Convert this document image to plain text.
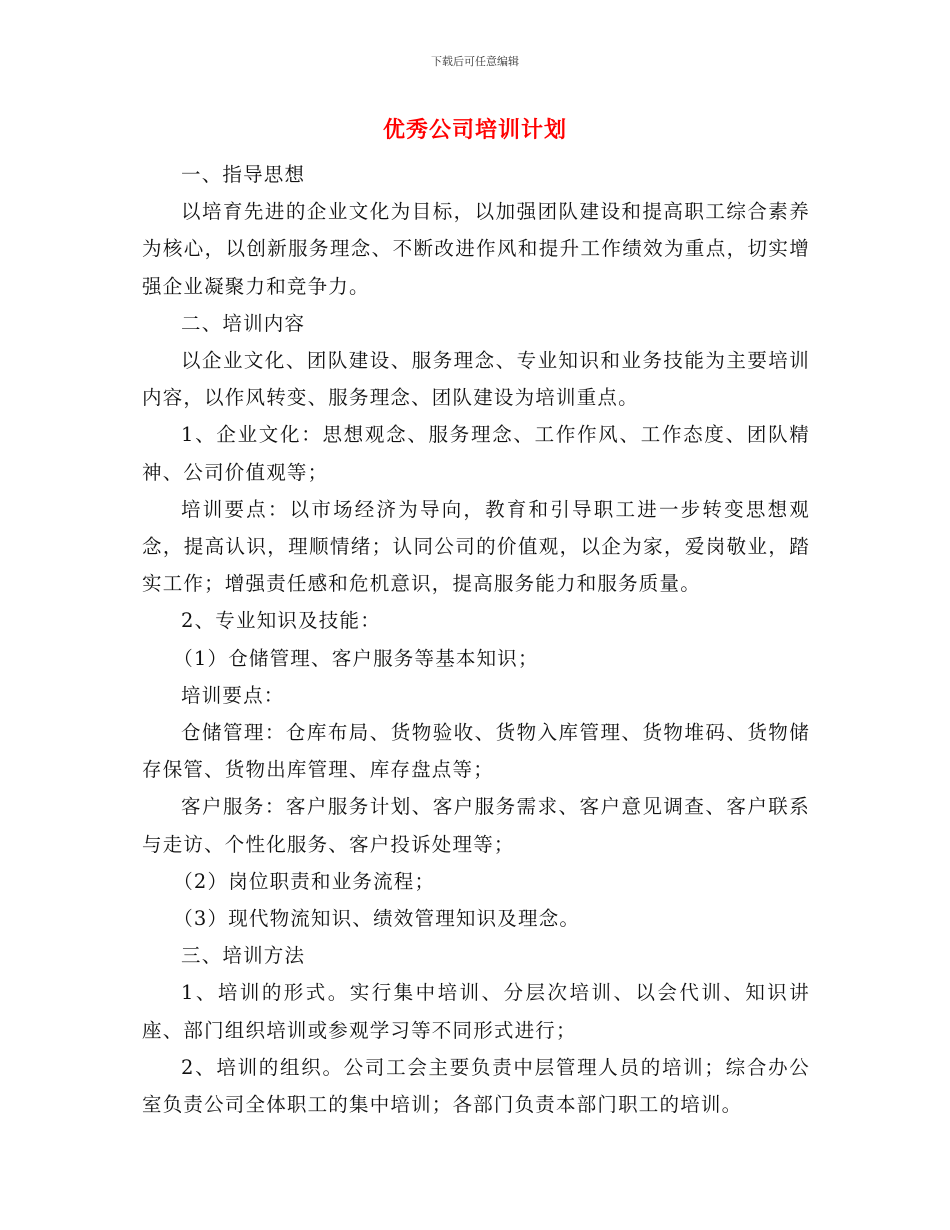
下载后可任意编辑
优秀公司培训计划

一、指导思想

以培育先进的企业文化为目标，以加强团队建设和提高职工综合素养为核心，以创新服务理念、不断改进作风和提升工作绩效为重点，切实增强企业凝聚力和竞争力。

二、培训内容

以企业文化、团队建设、服务理念、专业知识和业务技能为主要培训内容，以作风转变、服务理念、团队建设为培训重点。

1、企业文化：思想观念、服务理念、工作作风、工作态度、团队精神、公司价值观等；

培训要点：以市场经济为导向，教育和引导职工进一步转变思想观念，提高认识，理顺情绪；认同公司的价值观，以企为家，爱岗敬业，踏实工作；增强责任感和危机意识，提高服务能力和服务质量。

2、专业知识及技能：

（1）仓储管理、客户服务等基本知识；

培训要点：

仓储管理：仓库布局、货物验收、货物入库管理、货物堆码、货物储存保管、货物出库管理、库存盘点等；

客户服务：客户服务计划、客户服务需求、客户意见调查、客户联系与走访、个性化服务、客户投诉处理等；

（2）岗位职责和业务流程；

（3）现代物流知识、绩效管理知识及理念。

三、培训方法

1、培训的形式。实行集中培训、分层次培训、以会代训、知识讲座、部门组织培训或参观学习等不同形式进行；

2、培训的组织。公司工会主要负责中层管理人员的培训；综合办公室负责公司全体职工的集中培训；各部门负责本部门职工的培训。
